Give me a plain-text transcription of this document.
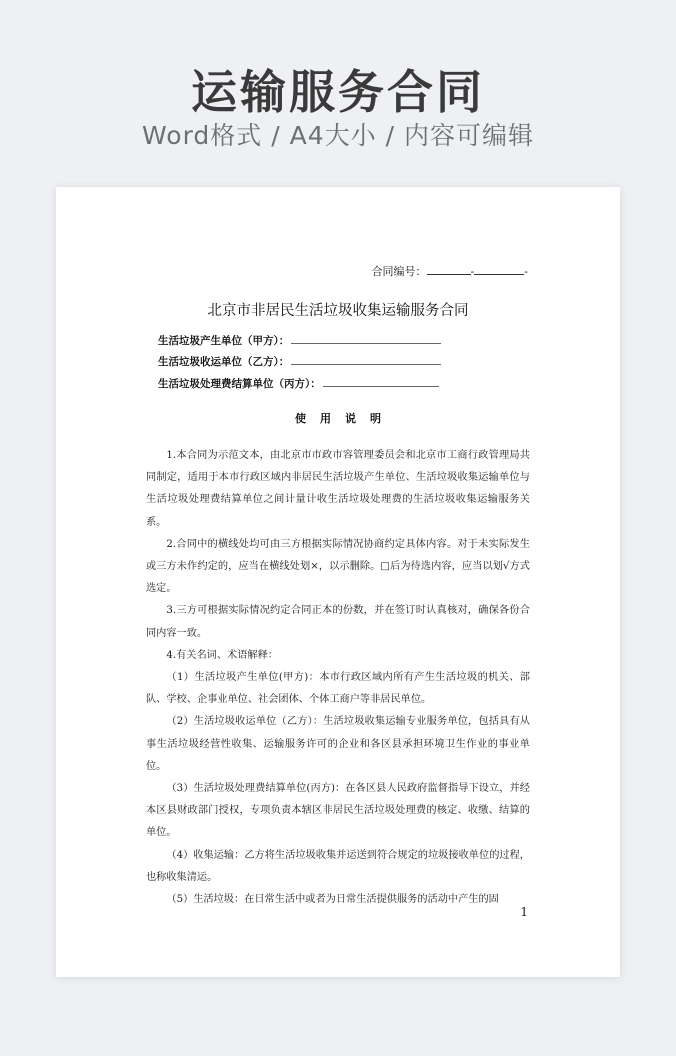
运输服务合同
Word格式 / A4大小 / 内容可编辑
合同编号：	-	-
北京市非居民生活垃圾收集运输服务合同
生活垃圾产生单位（甲方）：
生活垃圾收运单位（乙方）：
生活垃圾处理费结算单位（丙方）：
使用说明

1.本合同为示范文本，由北京市市政市容管理委员会和北京市工商行政管理局共同制定，适用于本市行政区域内非居民生活垃圾产生单位、生活垃圾收集运输单位与生活垃圾处理费结算单位之间计量计收生活垃圾处理费的生活垃圾收集运输服务关系。

2.合同中的横线处均可由三方根据实际情况协商约定具体内容。对于未实际发生或三方未作约定的，应当在横线处划×，以示删除。□后为待选内容，应当以划√方式选定。

3.三方可根据实际情况约定合同正本的份数，并在签订时认真核对，确保各份合同内容一致。

4.有关名词、术语解释：

（1）生活垃圾产生单位(甲方)：本市行政区域内所有产生生活垃圾的机关、部队、学校、企事业单位、社会团体、个体工商户等非居民单位。

（2）生活垃圾收运单位（乙方）：生活垃圾收集运输专业服务单位，包括具有从事生活垃圾经营性收集、运输服务许可的企业和各区县承担环境卫生作业的事业单位。

（3）生活垃圾处理费结算单位(丙方)：在各区县人民政府监督指导下设立，并经本区县财政部门授权，专项负责本辖区非居民生活垃圾处理费的核定、收缴、结算的单位。

（4）收集运输：乙方将生活垃圾收集并运送到符合规定的垃圾接收单位的过程，也称收集清运。

（5）生活垃圾：在日常生活中或者为日常生活提供服务的活动中产生的固

1
